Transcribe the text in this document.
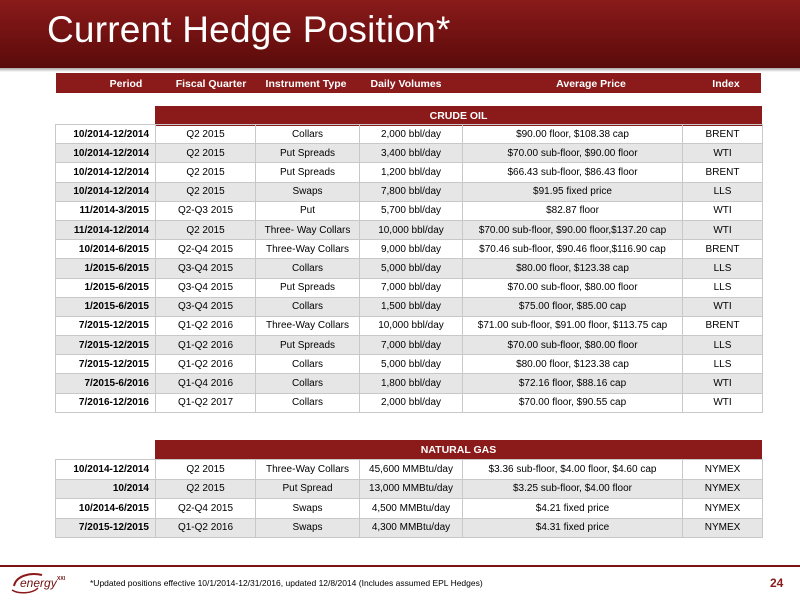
Current Hedge Position*
Period	Fiscal Quarter	Instrument Type	Daily Volumes	Average Price	Index
CRUDE OIL
10/2014-12/2014	Q2 2015	Collars	2,000 bbl/day	$90.00 floor, $108.38 cap	BRENT
10/2014-12/2014	Q2 2015	Put Spreads	3,400 bbl/day	$70.00 sub-floor, $90.00 floor	WTI
10/2014-12/2014	Q2 2015	Put Spreads	1,200 bbl/day	$66.43 sub-floor, $86.43 floor	BRENT
10/2014-12/2014	Q2 2015	Swaps	7,800 bbl/day	$91.95 fixed price	LLS
11/2014-3/2015	Q2-Q3 2015	Put	5,700 bbl/day	$82.87 floor	WTI
11/2014-12/2014	Q2 2015	Three- Way Collars	10,000 bbl/day	$70.00 sub-floor, $90.00 floor,$137.20 cap	WTI
10/2014-6/2015	Q2-Q4 2015	Three-Way Collars	9,000 bbl/day	$70.46 sub-floor, $90.46 floor,$116.90 cap	BRENT
1/2015-6/2015	Q3-Q4 2015	Collars	5,000 bbl/day	$80.00 floor, $123.38 cap	LLS
1/2015-6/2015	Q3-Q4 2015	Put Spreads	7,000 bbl/day	$70.00 sub-floor, $80.00 floor	LLS
1/2015-6/2015	Q3-Q4 2015	Collars	1,500 bbl/day	$75.00 floor, $85.00 cap	WTI
7/2015-12/2015	Q1-Q2 2016	Three-Way Collars	10,000 bbl/day	$71.00 sub-floor, $91.00 floor, $113.75 cap	BRENT
7/2015-12/2015	Q1-Q2 2016	Put Spreads	7,000 bbl/day	$70.00 sub-floor, $80.00 floor	LLS
7/2015-12/2015	Q1-Q2 2016	Collars	5,000 bbl/day	$80.00 floor, $123.38 cap	LLS
7/2015-6/2016	Q1-Q4 2016	Collars	1,800 bbl/day	$72.16 floor, $88.16 cap	WTI
7/2016-12/2016	Q1-Q2 2017	Collars	2,000 bbl/day	$70.00 floor, $90.55 cap	WTI
NATURAL GAS
10/2014-12/2014	Q2 2015	Three-Way Collars	45,600 MMBtu/day	$3.36 sub-floor, $4.00 floor, $4.60 cap	NYMEX
10/2014	Q2 2015	Put Spread	13,000 MMBtu/day	$3.25 sub-floor, $4.00 floor	NYMEX
10/2014-6/2015	Q2-Q4 2015	Swaps	4,500 MMBtu/day	$4.21 fixed price	NYMEX
7/2015-12/2015	Q1-Q2 2016	Swaps	4,300 MMBtu/day	$4.31 fixed price	NYMEX
energy XXI	*Updated positions effective 10/1/2014-12/31/2016, updated 12/8/2014 (Includes assumed EPL Hedges)	24
